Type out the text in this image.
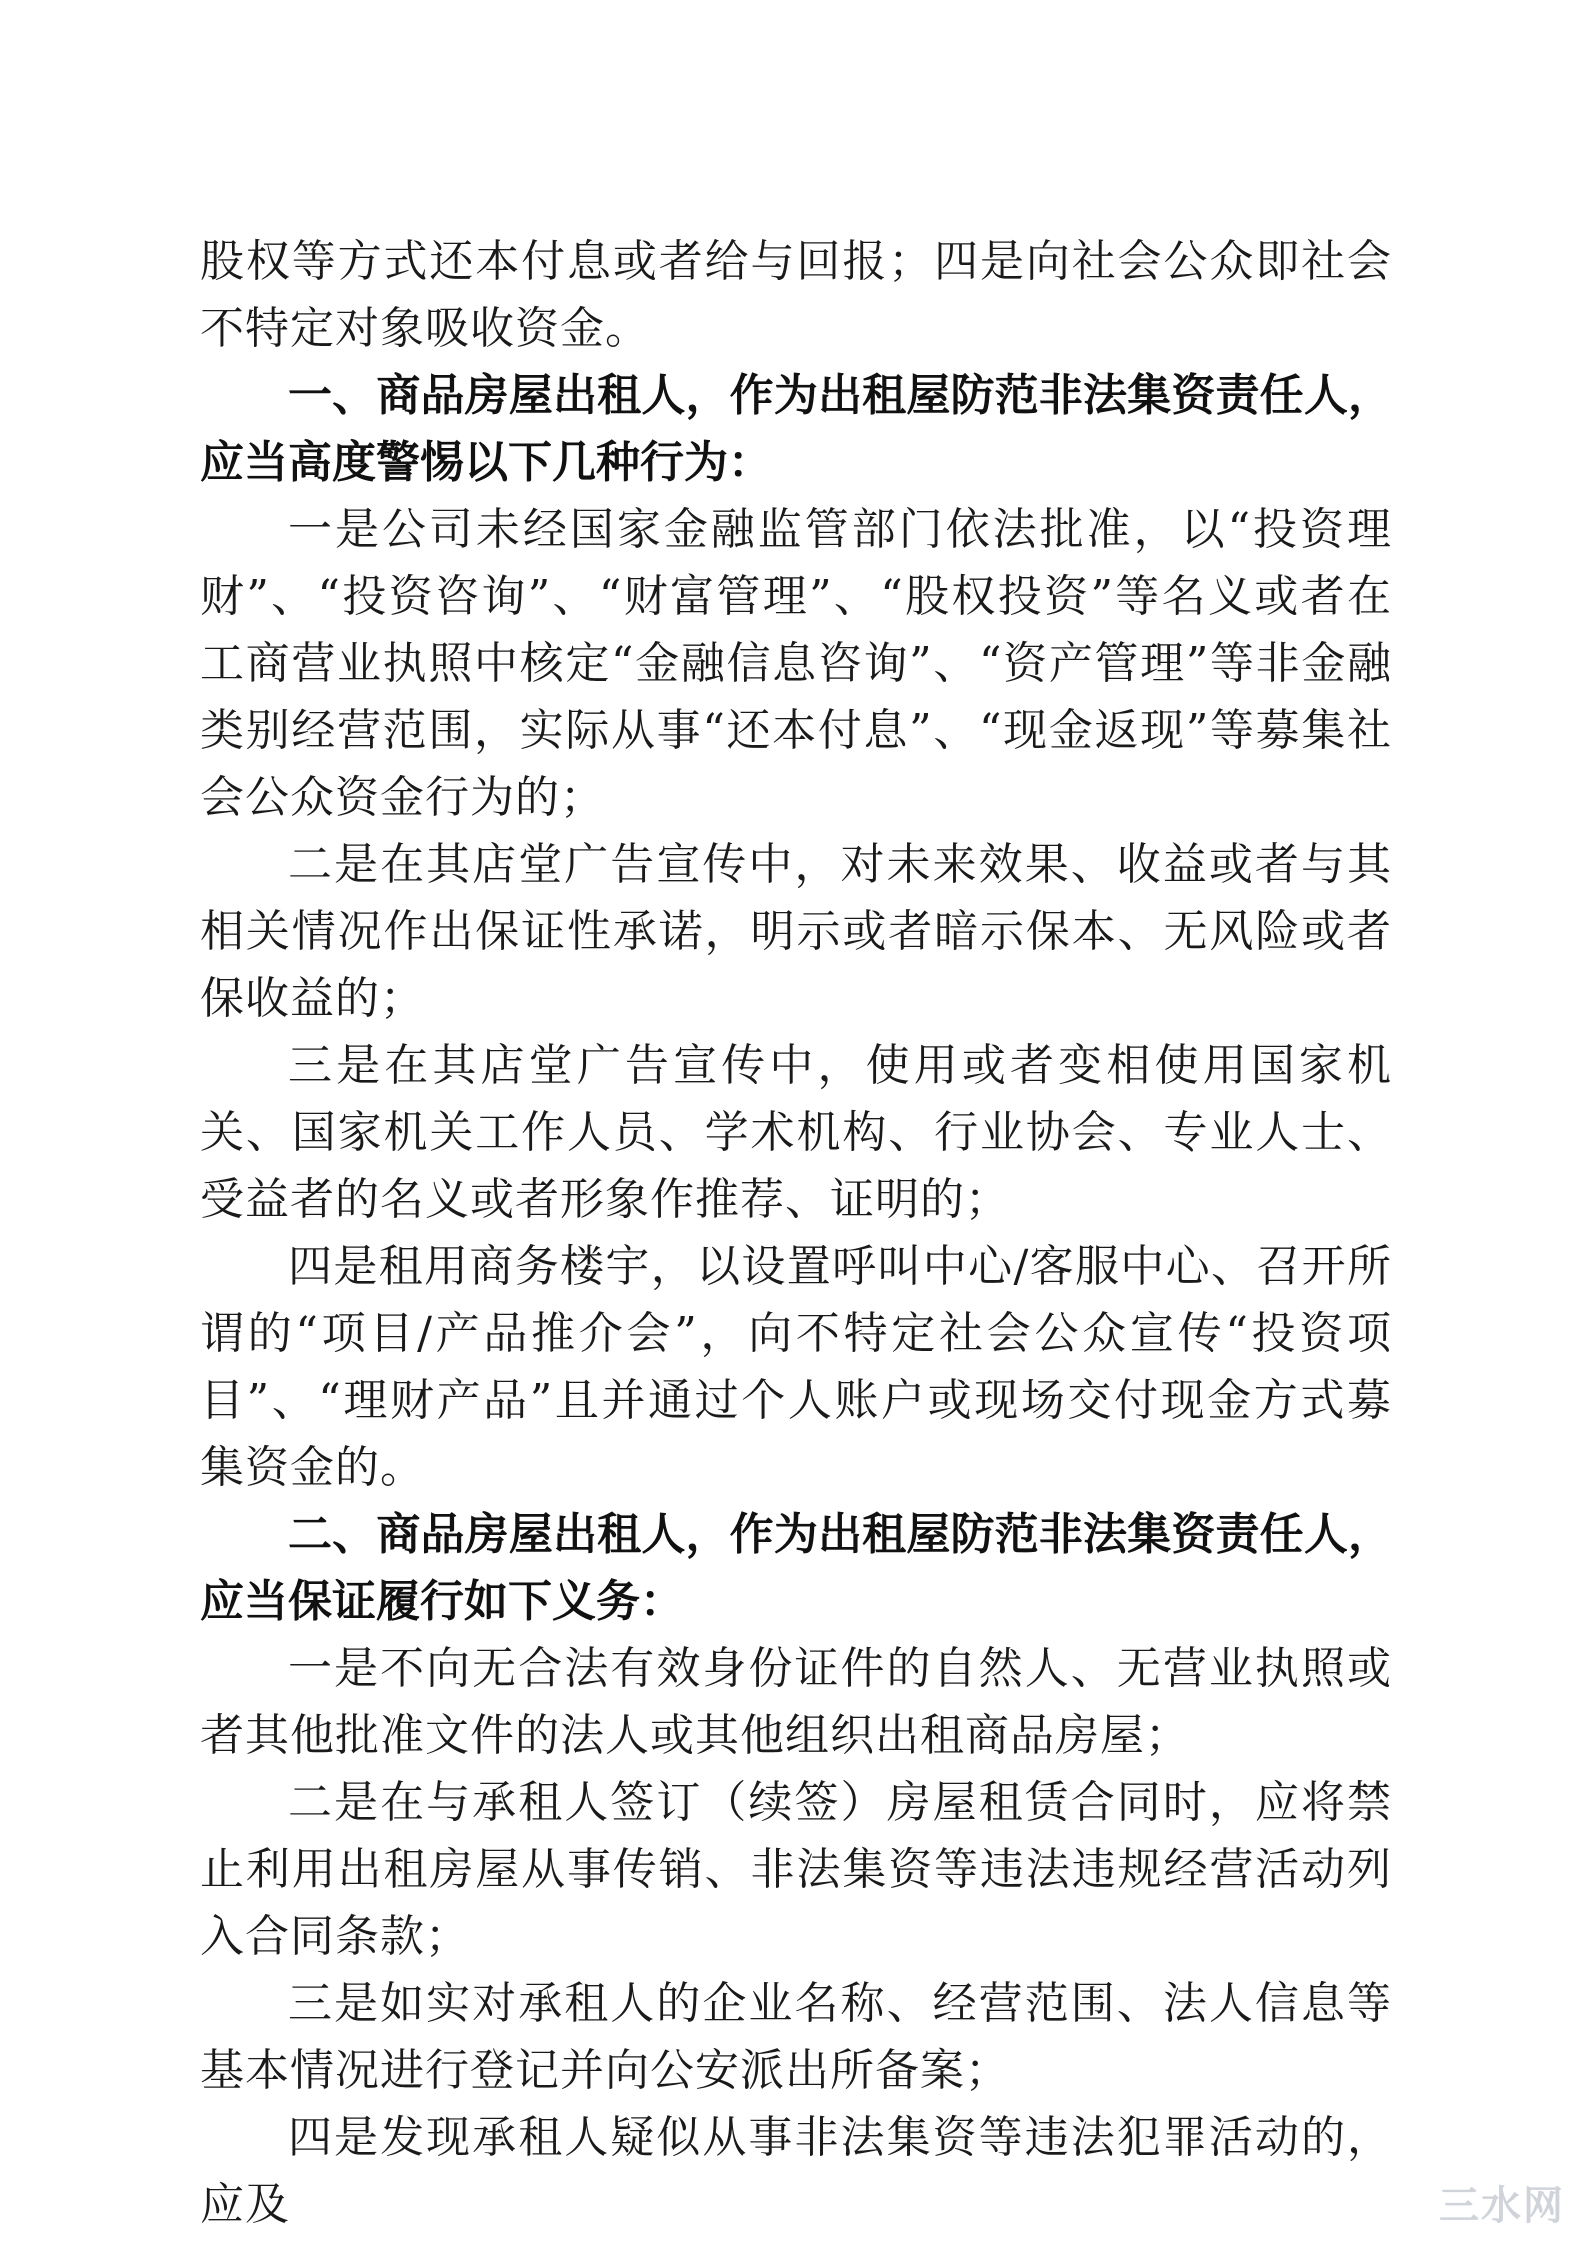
股权等方式还本付息或者给与回报；四是向社会公众即社会不特定对象吸收资金。

一、商品房屋出租人，作为出租屋防范非法集资责任人，应当高度警惕以下几种行为：

一是公司未经国家金融监管部门依法批准，以“投资理财”、“投资咨询”、“财富管理”、“股权投资”等名义或者在工商营业执照中核定“金融信息咨询”、“资产管理”等非金融类别经营范围，实际从事“还本付息”、“现金返现”等募集社会公众资金行为的；

二是在其店堂广告宣传中，对未来效果、收益或者与其相关情况作出保证性承诺，明示或者暗示保本、无风险或者保收益的；

三是在其店堂广告宣传中，使用或者变相使用国家机关、国家机关工作人员、学术机构、行业协会、专业人士、受益者的名义或者形象作推荐、证明的；

四是租用商务楼宇，以设置呼叫中心/客服中心、召开所谓的“项目/产品推介会”，向不特定社会公众宣传“投资项目”、“理财产品”且并通过个人账户或现场交付现金方式募集资金的。

二、商品房屋出租人，作为出租屋防范非法集资责任人，应当保证履行如下义务：

一是不向无合法有效身份证件的自然人、无营业执照或者其他批准文件的法人或其他组织出租商品房屋；

二是在与承租人签订（续签）房屋租赁合同时，应将禁止利用出租房屋从事传销、非法集资等违法违规经营活动列入合同条款；

三是如实对承租人的企业名称、经营范围、法人信息等基本情况进行登记并向公安派出所备案；

四是发现承租人疑似从事非法集资等违法犯罪活动的，应及	三水网
